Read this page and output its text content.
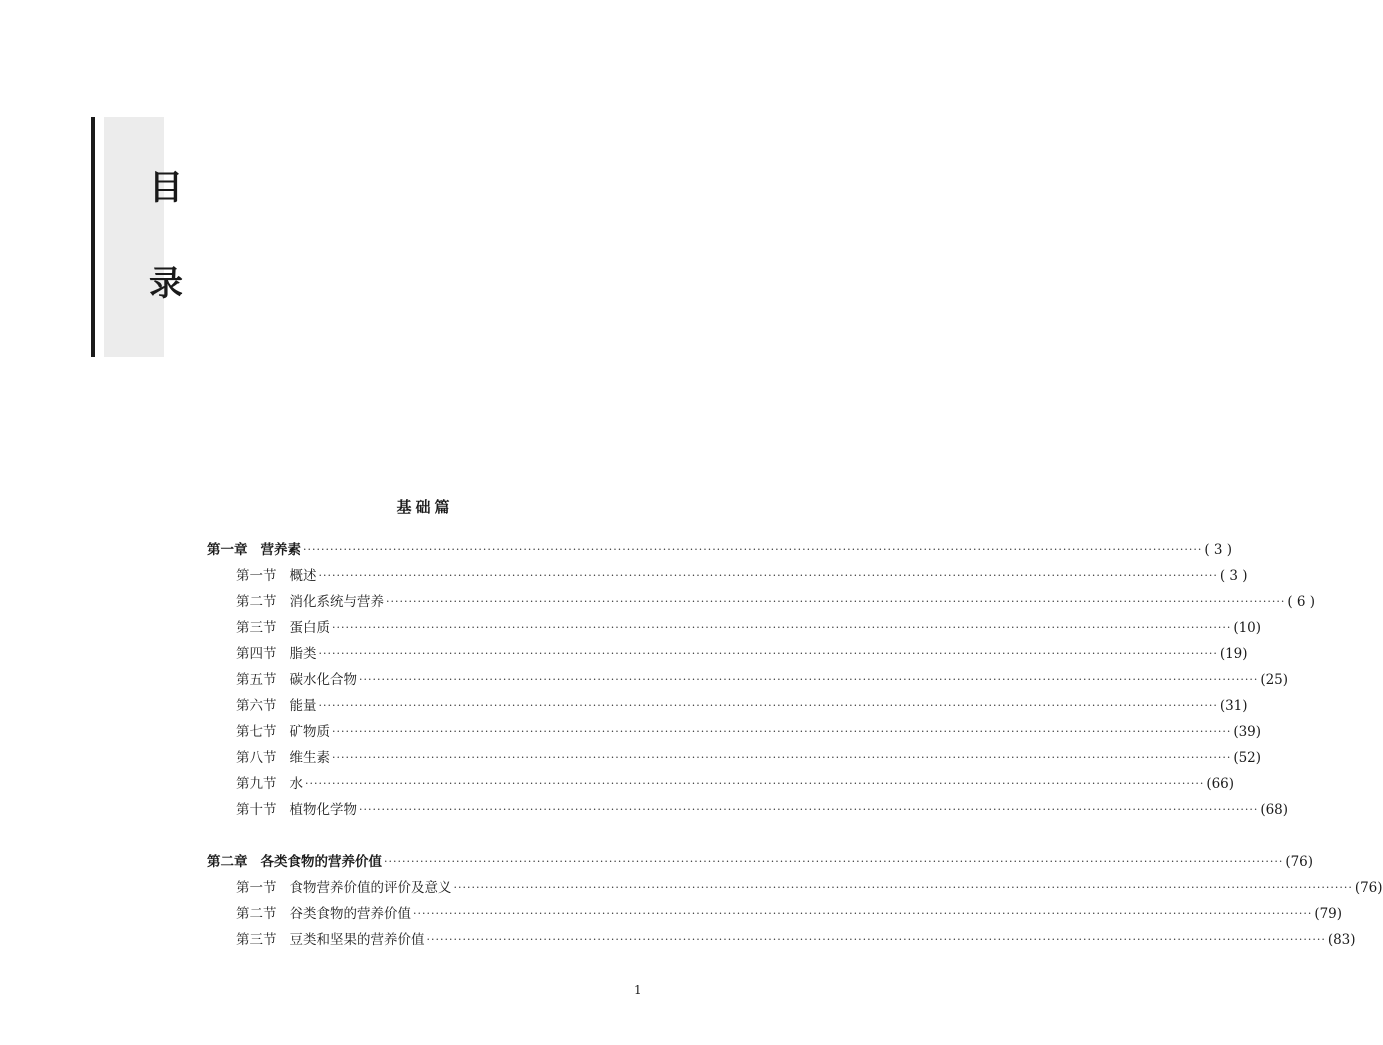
目
录
基础篇
第一章 营养素 ········································································································································································································ ( 3 )
第一节 概述 ········································································································································································································ ( 3 )
第二节 消化系统与营养 ········································································································································································································ ( 6 )
第三节 蛋白质 ········································································································································································································ (10)
第四节 脂类 ········································································································································································································ (19)
第五节 碳水化合物 ········································································································································································································ (25)
第六节 能量 ········································································································································································································ (31)
第七节 矿物质 ········································································································································································································ (39)
第八节 维生素 ········································································································································································································ (52)
第九节 水 ········································································································································································································ (66)
第十节 植物化学物 ········································································································································································································ (68)
第二章 各类食物的营养价值 ········································································································································································································ (76)
第一节 食物营养价值的评价及意义 ········································································································································································································ (76)
第二节 谷类食物的营养价值 ········································································································································································································ (79)
第三节 豆类和坚果的营养价值 ········································································································································································································ (83)
1
